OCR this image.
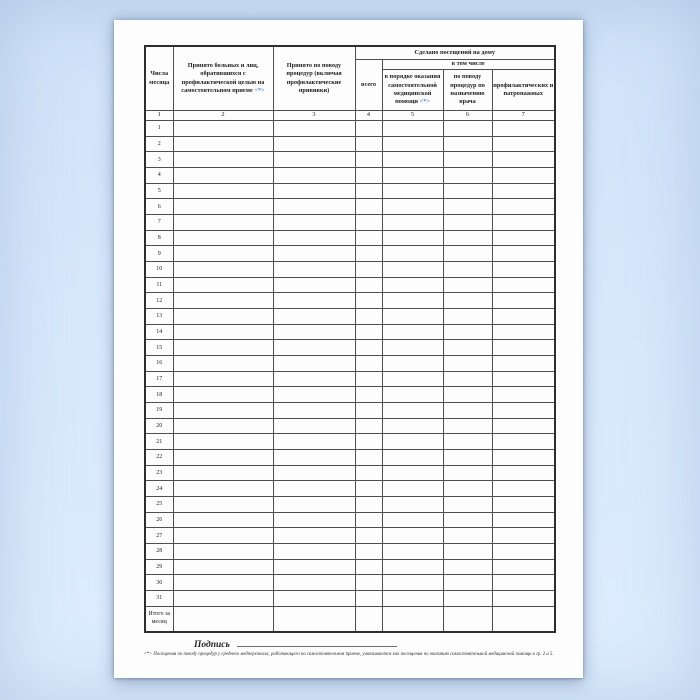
Числа месяца	Принято больных и лиц, обратившихся с профилактической целью на самостоятельном приеме <*>	Принято по поводу процедур (включая профилактические прививки)	Сделано посещений на дому			
			всего	в том числе		
				в порядке оказания самостоятельной медицинской помощи <*>	по поводу процедур по назначению врача	профилактических и патронажных
1	2	3	4	5	6	7
1						
2						
3						
4						
5						
6						
7						
8						
9						
10						
11						
12						
13						
14						
15						
16						
17						
18						
19						
20						
21						
22						
23						
24						
25						
26						
27						
28						
29						
30						
31						
Итого за месяц						
Подпись
<*> Посещения по поводу процедур у среднего медперсонала, работающего на самостоятельном приеме, учитываются как посещения по оказанию самостоятельной медицинской помощи в гр. 2 и 5.
